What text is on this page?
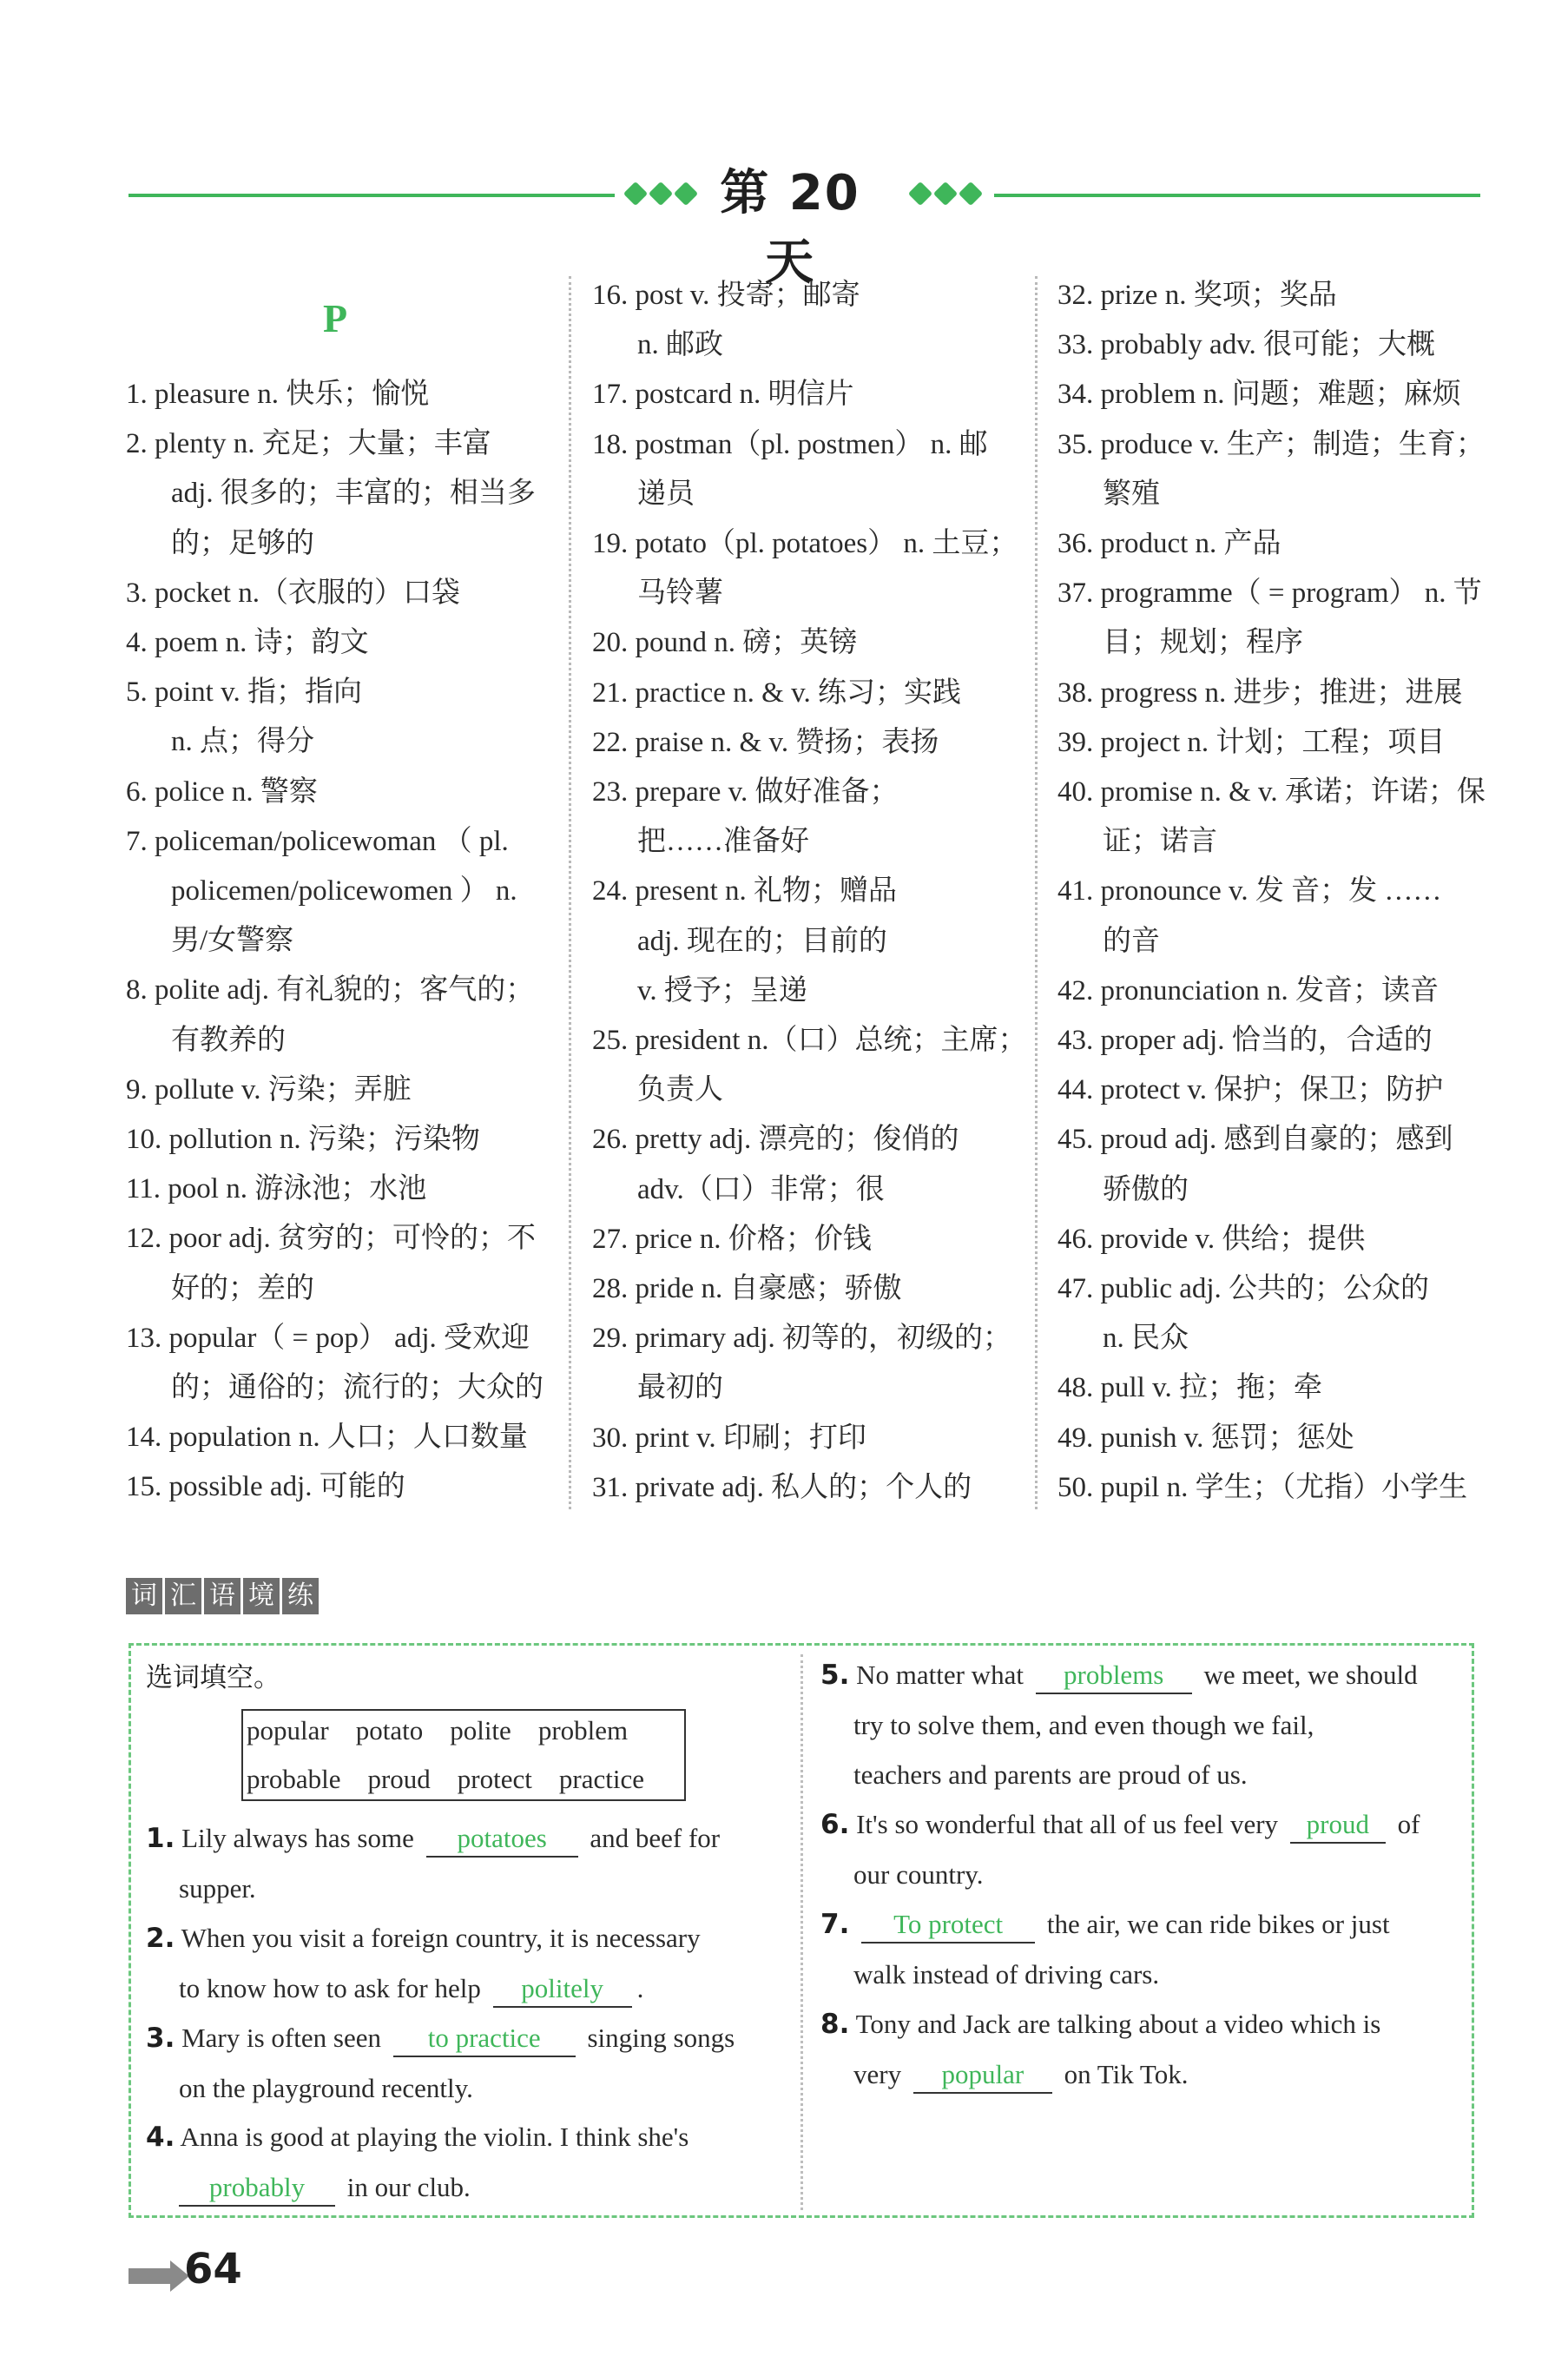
第 20 天
P
1. pleasure n. 快乐；愉悦
2. plenty n. 充足；大量；丰富
adj. 很多的；丰富的；相当多
的；足够的
3. pocket n.（衣服的）口袋
4. poem n. 诗；韵文
5. point v. 指；指向
n. 点；得分
6. police n. 警察
7. policeman/policewoman （ pl.
policemen/policewomen ） n.
男/女警察
8. polite adj. 有礼貌的；客气的；
有教养的
9. pollute v. 污染；弄脏
10. pollution n. 污染；污染物
11. pool n. 游泳池；水池
12. poor adj. 贫穷的；可怜的；不
好的；差的
13. popular（ = pop） adj. 受欢迎
的；通俗的；流行的；大众的
14. population n. 人口；人口数量
15. possible adj. 可能的
16. post v. 投寄；邮寄
n. 邮政
17. postcard n. 明信片
18. postman（pl. postmen） n. 邮
递员
19. potato（pl. potatoes） n. 土豆；
马铃薯
20. pound n. 磅；英镑
21. practice n. & v. 练习；实践
22. praise n. & v. 赞扬；表扬
23. prepare v. 做好准备；
把……准备好
24. present n. 礼物；赠品
adj. 现在的；目前的
v. 授予；呈递
25. president n.（口）总统；主席；
负责人
26. pretty adj. 漂亮的；俊俏的
adv.（口）非常；很
27. price n. 价格；价钱
28. pride n. 自豪感；骄傲
29. primary adj. 初等的，初级的；
最初的
30. print v. 印刷；打印
31. private adj. 私人的；个人的
32. prize n. 奖项；奖品
33. probably adv. 很可能；大概
34. problem n. 问题；难题；麻烦
35. produce v. 生产；制造；生育；
繁殖
36. product n. 产品
37. programme（ = program） n. 节
目；规划；程序
38. progress n. 进步；推进；进展
39. project n. 计划；工程；项目
40. promise n. & v. 承诺；许诺；保
证；诺言
41. pronounce v. 发 音；发 ……
的音
42. pronunciation n. 发音；读音
43. proper adj. 恰当的，合适的
44. protect v. 保护；保卫；防护
45. proud adj. 感到自豪的；感到
骄傲的
46. provide v. 供给；提供
47. public adj. 公共的；公众的
n. 民众
48. pull v. 拉；拖；牵
49. punish v. 惩罚；惩处
50. pupil n. 学生；（尤指）小学生
词 汇 语 境 练
选词填空。
popular potato polite problem
probable proud protect practice
1. Lily always has some potatoes and beef for
supper.
2. When you visit a foreign country, it is necessary
to know how to ask for help politely .
3. Mary is often seen to practice singing songs
on the playground recently.
4. Anna is good at playing the violin. I think she's
probably in our club.
5. No matter what problems we meet, we should
try to solve them, and even though we fail,
teachers and parents are proud of us.
6. It's so wonderful that all of us feel very proud of
our country.
7. To protect the air, we can ride bikes or just
walk instead of driving cars.
8. Tony and Jack are talking about a video which is
very popular on Tik Tok.
64
